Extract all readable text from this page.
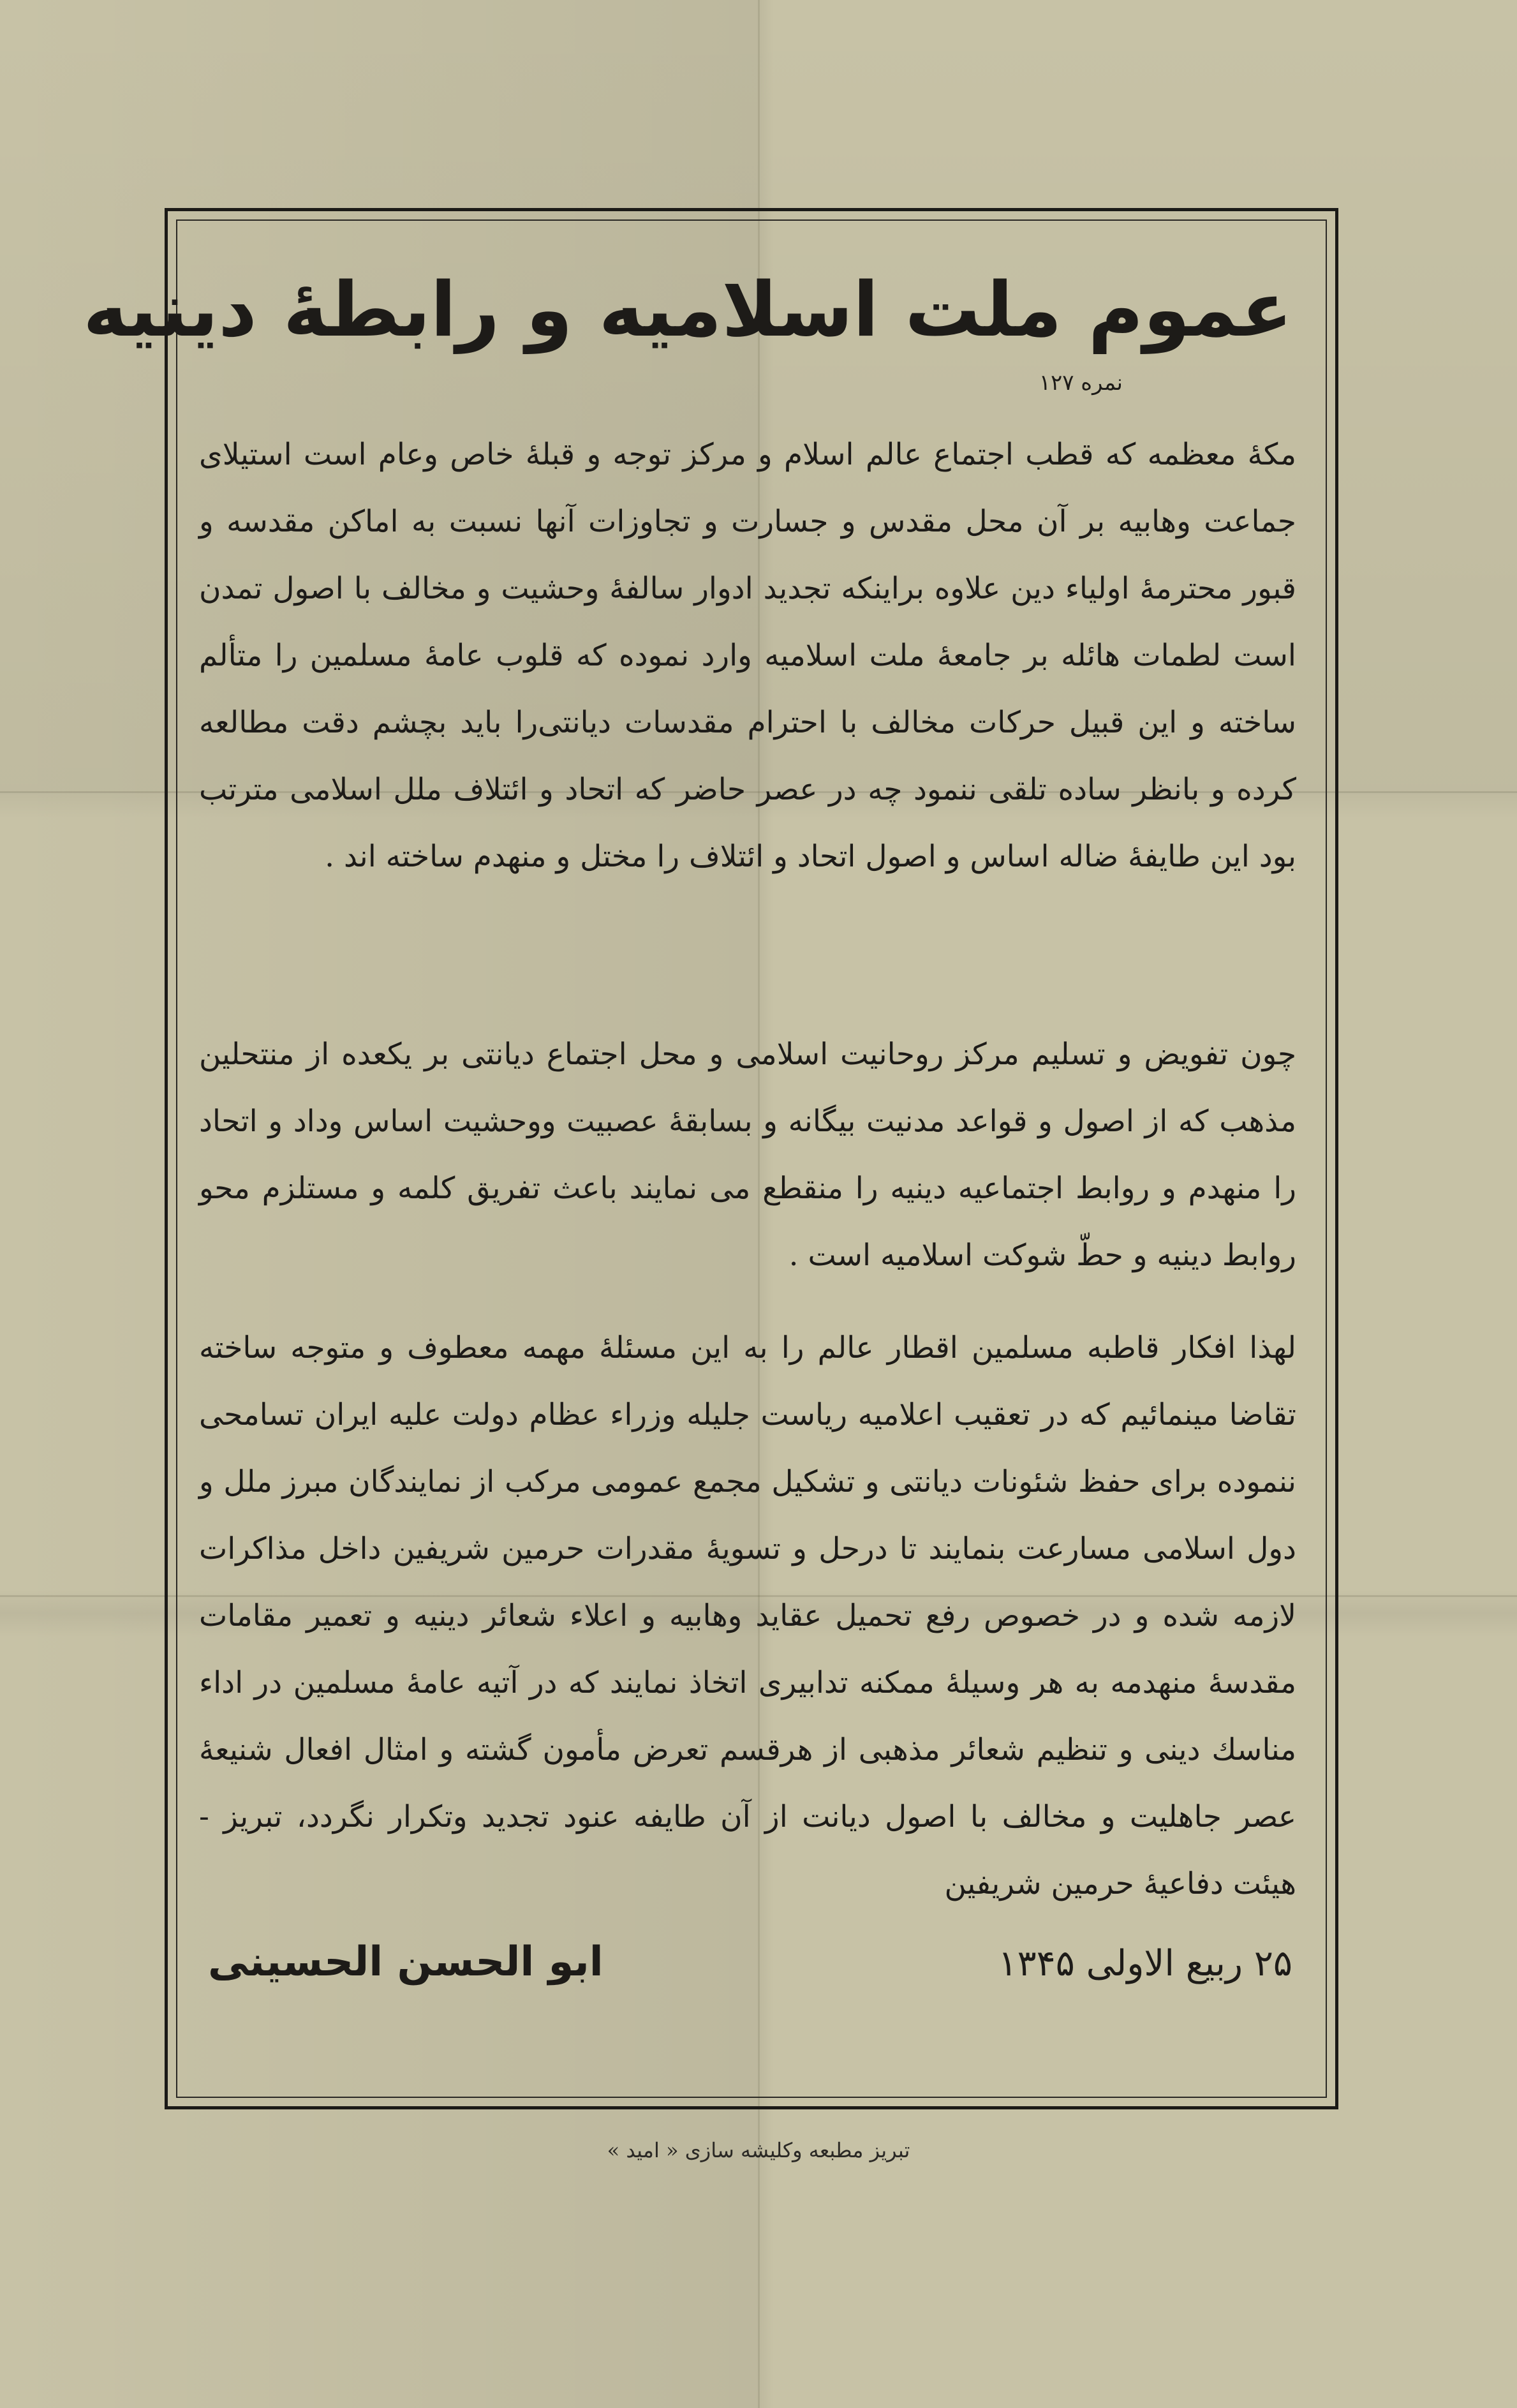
عموم ملت اسلامیه و رابطهٔ دینیه
نمره ۱۲۷
مکهٔ معظمه که قطب اجتماع عالم اسلام و مرکز توجه و قبلهٔ خاص وعام است استیلای جماعت وهابیه بر آن محل مقدس و جسارت و تجاوزات آنها نسبت به اماکن مقدسه و قبور محترمهٔ اولیاء دین علاوه براینکه تجدید ادوار سالفهٔ وحشیت و مخالف با اصول تمدن است لطمات هائله بر جامعهٔ ملت اسلامیه وارد نموده که قلوب عامهٔ مسلمین را متألم ساخته و این قبیل حرکات مخالف با احترام مقدسات دیانتی‌را باید بچشم دقت مطالعه کرده و بانظر ساده تلقی ننمود چه در عصر حاضر که اتحاد و ائتلاف ملل اسلامی مترتب بود این طایفهٔ ضاله اساس و اصول اتحاد و ائتلاف را مختل و منهدم ساخته اند .
چون تفویض و تسلیم مرکز روحانیت اسلامی و محل اجتماع دیانتی بر یکعده از منتحلین مذهب که از اصول و قواعد مدنیت بیگانه و بسابقهٔ عصبیت ووحشیت اساس وداد و اتحاد را منهدم و روابط اجتماعیه دینیه را منقطع می نمایند باعث تفریق کلمه و مستلزم محو روابط دینیه و حطّ شوکت اسلامیه است .
لهذا افکار قاطبه مسلمین اقطار عالم را به این مسئلهٔ مهمه معطوف و متوجه ساخته تقاضا مینمائیم که در تعقیب اعلامیه ریاست جلیله وزراء عظام دولت علیه ایران تسامحی ننموده برای حفظ شئونات دیانتی و تشکیل مجمع عمومی مرکب از نمایندگان مبرز ملل و دول اسلامی مسارعت بنمایند تا درحل و تسویهٔ مقدرات حرمین شریفین داخل مذاکرات لازمه شده و در خصوص رفع تحمیل عقاید وهابیه و اعلاء شعائر دینیه و تعمیر مقامات مقدسهٔ منهدمه به هر وسیلهٔ ممکنه تدابیری اتخاذ نمایند که در آتیه عامهٔ مسلمین در اداء مناسك دینی و تنظیم شعائر مذهبی از هرقسم تعرض مأمون گشته و امثال افعال شنیعهٔ عصر جاهلیت و مخالف با اصول دیانت از آن طایفه عنود تجدید وتکرار نگردد، تبریز - هیئت دفاعیهٔ حرمین شریفین
۲۵ ربیع الاولی ۱۳۴۵
ابو الحسن الحسینی
تبریز مطبعه وکلیشه سازی « امید »
